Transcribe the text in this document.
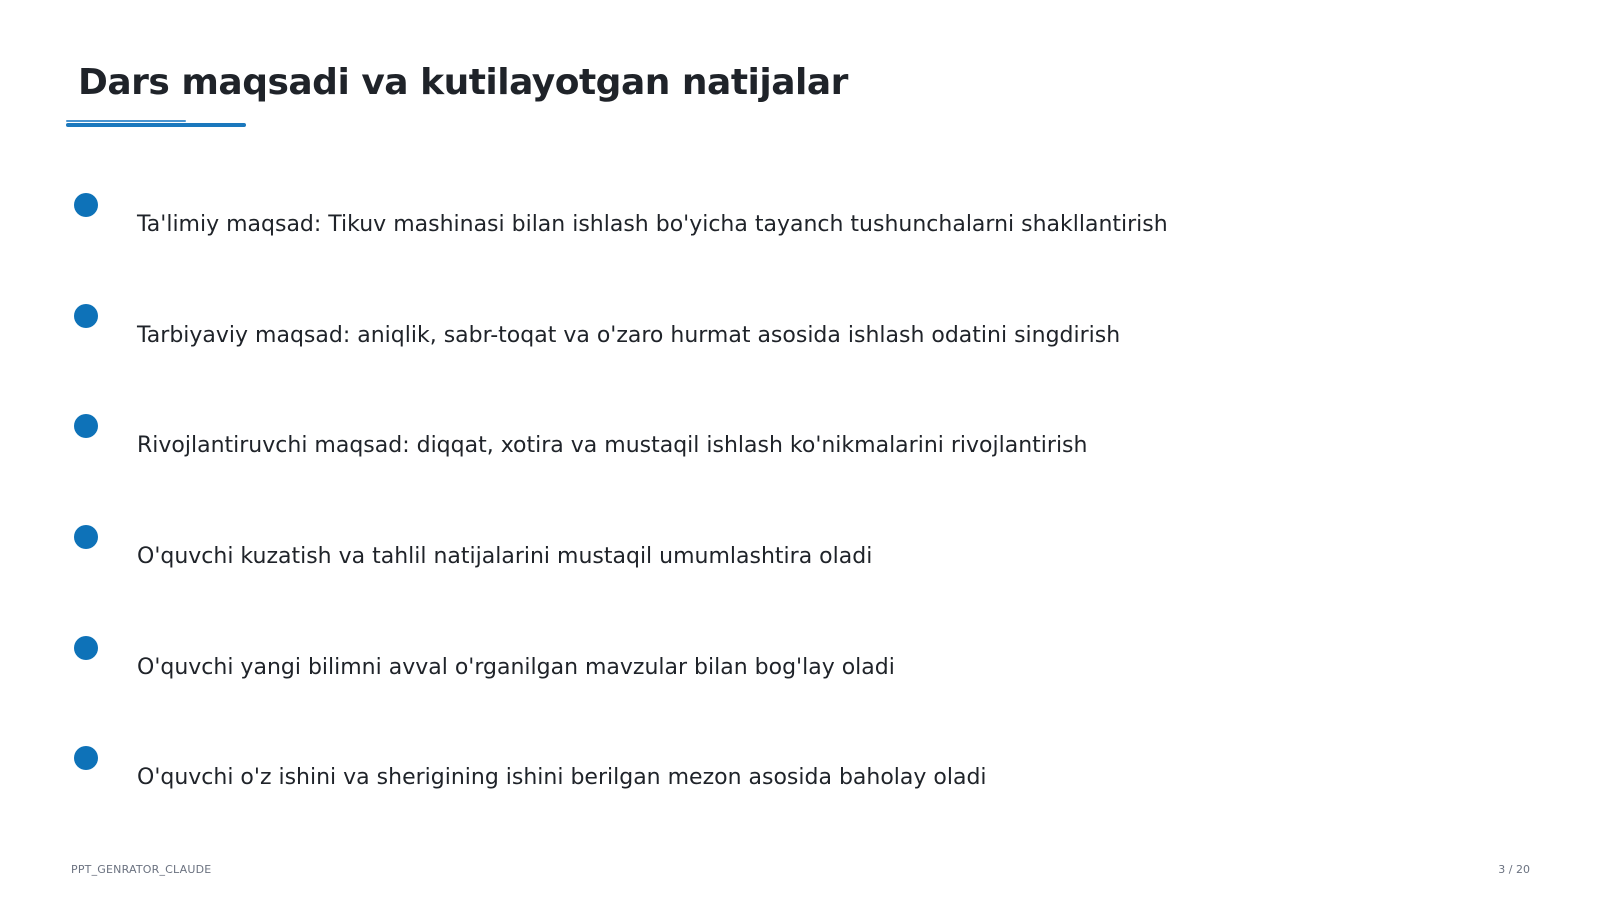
Dars maqsadi va kutilayotgan natijalar
Ta'limiy maqsad: Tikuv mashinasi bilan ishlash bo'yicha tayanch tushunchalarni shakllantirish
Tarbiyaviy maqsad: aniqlik, sabr-toqat va o'zaro hurmat asosida ishlash odatini singdirish
Rivojlantiruvchi maqsad: diqqat, xotira va mustaqil ishlash ko'nikmalarini rivojlantirish
O'quvchi kuzatish va tahlil natijalarini mustaqil umumlashtira oladi
O'quvchi yangi bilimni avval o'rganilgan mavzular bilan bog'lay oladi
O'quvchi o'z ishini va sherigining ishini berilgan mezon asosida baholay oladi
PPT_GENRATOR_CLAUDE	3 / 20
